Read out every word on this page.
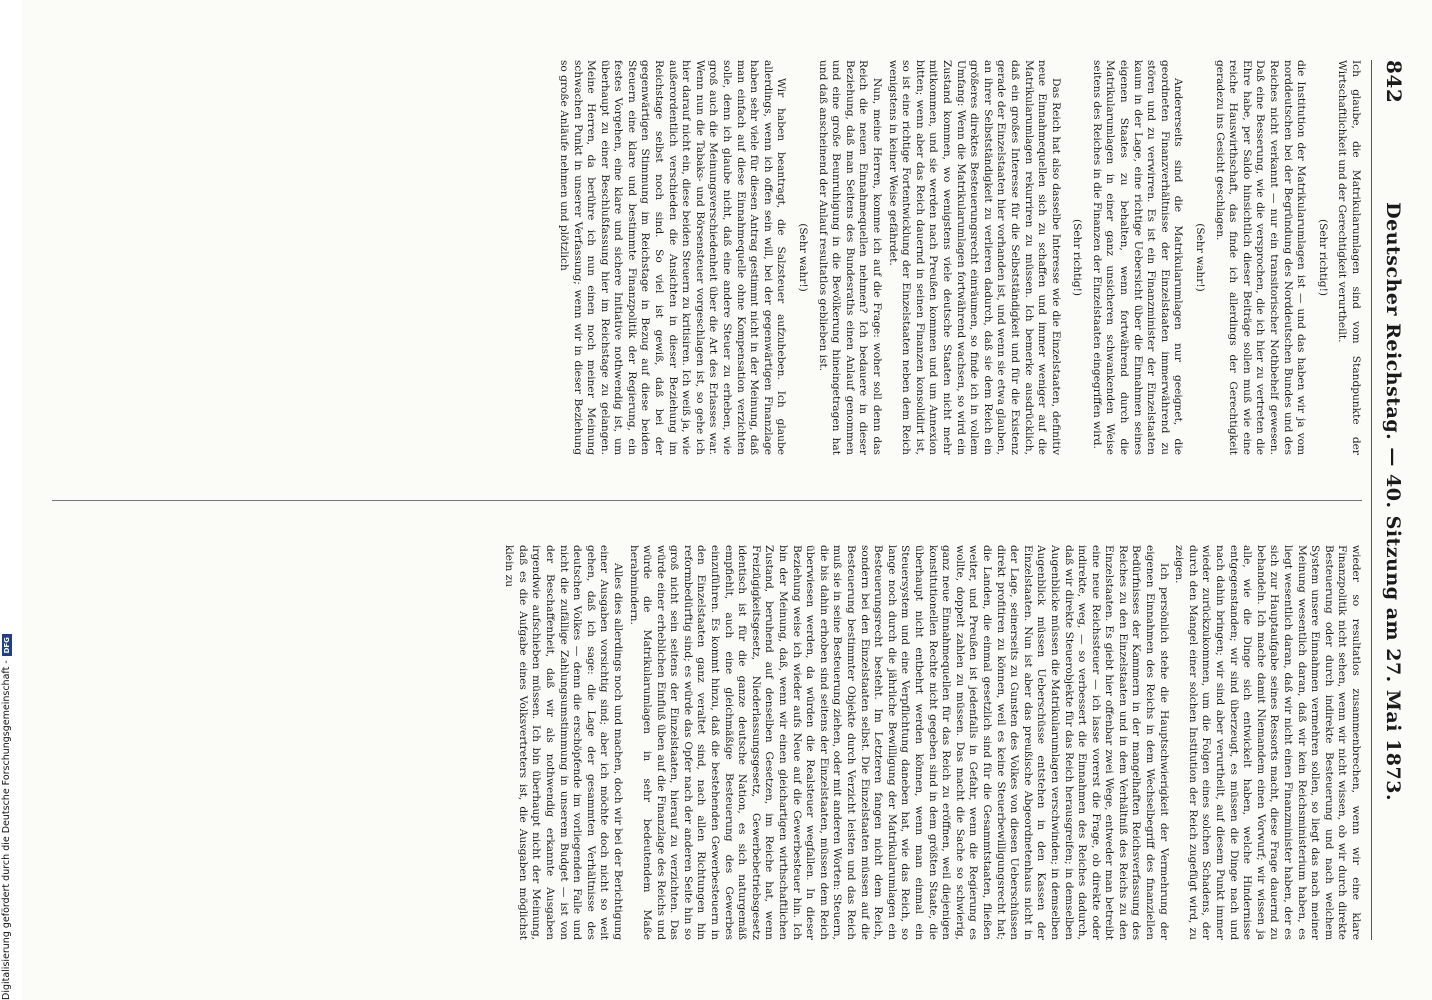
842
Deutscher Reichstag. — 40. Sitzung am 27. Mai 1873.

Ich glaube, die Matrikularumlagen sind vom Standpunkte der Wirtschaftlichkeit und der Gerechtigkeit verurtheilt.

(Sehr richtig!)

die Institution der Matrikularumlagen ist — und das haben wir ja vom norddeutschen bei der Begründung des Norddeutschen Bundes und des Reiches nicht verkannt — nur ein transitorischer Nothbehelf gewesen. Daß eine Besserung, wie die versprochen, die ich hier zu vertreten die Ehre habe, per Saldo hinsichtlich dieser Beiträge sollen muß wie eine reiche Hauswirthschaft, das finde ich allerdings der Gerechtigkeit geradezu ins Gesicht geschlagen.

(Sehr wahr!)

Andererseits sind die Matrikularumlagen nur geeignet, die geordneten Finanzverhältnisse der Einzelstaaten immerwährend zu stören und zu verwirren. Es ist ein Finanzminister der Einzelstaaten kaum in der Lage, eine richtige Uebersicht über die Einnahmen seines eigenen Staates zu behalten, wenn fortwährend durch die Matrikularumlagen in einer ganz unsicheren schwankenden Weise seitens des Reiches in die Finanzen der Einzelstaaten eingegriffen wird.

(Sehr richtig!)

Das Reich hat also dasselbe Interesse wie die Einzelstaaten, definitiv neue Einnahmequellen sich zu schaffen und immer weniger auf die Matrikularumlagen rekurriren zu müssen. Ich bemerke ausdrücklich, daß ein großes Interesse für die Selbstständigkeit und für die Existenz gerade der Einzelstaaten hier vorhanden ist, und wenn sie etwa glauben, an ihrer Selbstständigkeit zu verlieren dadurch, daß sie dem Reich ein größeres direktes Besteuerungsrecht einräumen, so finde ich in vollem Umfang: Wenn die Matrikularumlagen fortwährend wachsen, so wird ein Zustand kommen, wo wenigstens viele deutsche Staaten nicht mehr mitkommen, und sie werden nach Preußen kommen und um Annexion bitten; wenn aber das Reich dauernd in seinen Finanzen konsolidirt ist, so ist eine richtige Fortentwicklung der Einzelstaaten neben dem Reich wenigstens in keiner Weise gefährdet.

Nun, meine Herren, komme ich auf die Frage: woher soll denn das Reich die neuen Einnahmequellen nehmen? Ich bedauere in dieser Beziehung, daß man Seitens des Bundesraths einen Anlauf genommen und eine große Beunruhigung in die Bevölkerung hineingetragen hat und daß anscheinend der Anlauf resultatlos geblieben ist.

(Sehr wahr!)

Wir haben beantragt, die Salzsteuer aufzuheben. Ich glaube allerdings, wenn ich offen sein will, bei der gegenwärtigen Finanzlage haben sehr viele für diesen Antrag gestimmt nicht in der Meinung, daß man einfach auf diese Einnahmequelle ohne Kompensation verzichten solle, denn ich glaube nicht, daß eine andere Steuer zu erheben, wie groß auch die Meinungsverschiedenheit über die Art des Erlasses war. Wenn nun die Tabaks- und Börsensteuer vorgeschlagen ist, so gehe ich hier darauf nicht ein, diese beiden Steuern zu kritisiren. Ich weiß ja, wie außerordentlich verschieden die Ansichten in dieser Beziehung im Reichstage selbst noch sind. So viel ist gewiß, daß bei der gegenwärtigen Stimmung im Reichstage in Bezug auf diese beiden Steuern eine klare und bestimmte Finanzpolitik der Regierung, ein festes Vorgehen, eine klare und sichere Initiative nothwendig ist, um überhaupt zu einer Beschlußfassung hier im Reichstage zu gelangen. Meine Herren, da berühre ich nun einen noch meiner Meinung schwachen Punkt in unserer Verfassung; wenn wir in dieser Beziehung so große Anläufe nehmen und plötzlich

wieder so resultatlos zusammenbrechen, wenn wir eine klare Finanzpolitik nicht sehen, wenn wir nicht wissen, ob wir durch direkte Besteuerung oder durch indirekte Besteuerung und nach welchem System unsere Einnahmen vermehren sollen, so liegt das nach meiner Meinung wesentlich daran, daß wir kein Reichsministerium haben, es liegt wesentlich daran, daß wir nicht einen Finanzminister haben, der es sich zur Hauptaufgabe seines Ressorts macht, diese Frage dauernd zu behandeln. Ich mache damit Niemandem einen Vorwurf; wir wissen ja alle, wie die Dinge sich entwickelt haben, welche Hindernisse entgegenstanden; wir sind überzeugt, es müssen die Dinge nach und nach dahin bringen; wir sind aber verurtheilt, auf diesem Punkt immer wieder zurückzukommen, um die Folgen eines solchen Schadens, der durch den Mangel einer solchen Institution der Reich zugefügt wird, zu zeigen.

Ich persönlich stehe die Hauptschwierigkeit der Vermehrung der eigenen Einnahmen des Reichs in dem Wechselbegriff des finanziellen Bedürfnisses der Kammern in der mangelhaften Reichsverfassung des Reiches zu den Einzelstaaten und in dem Verhältniß des Reichs zu den Einzelstaaten. Es giebt hier offenbar zwei Wege, entweder man betreibt eine neue Reichssteuer — ich lasse vorerst die Frage, ob direkte oder indirekte, weg, — so verbessert die Einnahmen des Reiches dadurch, daß wir direkte Steuerobjekte für das Reich herausgreifen; in demselben Augenblicke müssen die Matrikularumlagen verschwinden; in demselben Augenblick müssen Ueberschüsse entstehen in den Kassen der Einzelstaaten. Nun ist aber das preußische Abgeordnetenhaus nicht in der Lage, seinerseits zu Gunsten des Volkes von diesen Ueberschüssen direkt profitiren zu können, weil es keine Steuerbewilligungsrecht hat; die Landen, die einmal gesetzlich sind für die Gesammtstaaten, fließen weiter, und Preußen ist jedenfalls in Gefahr, wenn die Regierung es wollte, doppelt zahlen zu müssen. Das macht die Sache so schwierig, ganz neue Einnahmequellen für das Reich zu eröffnen, weil diejenigen konstitutionellen Rechte nicht gegeben sind in dem größten Staate, die überhaupt nicht entbehrt werden können, wenn man einmal ein Steuersystem und eine Verpflichtung daneben hat, wie das Reich, so lange noch durch die jährliche Bewilligung der Matrikularumlagen ein Besteuerungsrecht besteht. Im Letzteren fangen nicht dem Reich, sondern bei den Einzelstaaten selbst. Die Einzelstaaten müssen auf die Besteuerung bestimmter Objekte durch Verzicht leisten und das Reich muß sie in seine Besteuerung ziehen, oder mit anderen Worten: Steuern, die bis dahin erhoben sind seitens der Einzelstaaten, müssen dem Reich überwiesen werden, da würden die Realsteuer wegfallen. In dieser Beziehung weise ich wieder aufs Neue auf die Gewerbesteuer hin. Ich bin der Meinung, daß, wenn wir einen gleichartigen wirthschaftlichen Zustand, beruhend auf denselben Gesetzen, im Reiche hat, wenn Freizügigkeitsgesetz, Niederlassungsgesetz, Gewerbebetriebsgesetz identisch ist für die ganze deutsche Nation, es sich naturgemäß empfiehlt, auch eine gleichmäßige Besteuerung des Gewerbes einzuführen. Es kommt hinzu, daß die bestehenden Gewerbesteuern in den Einzelstaaten ganz veraltet sind, nach allen Richtungen hin reformbedürftig sind; es würde das Opfer nach der anderen Seite hin so groß nicht sein seitens der Einzelstaaten, hierauf zu verzichten. Das würde einer erheblichen Einfluß üben auf die Finanzlage des Reichs und würde die Matrikularumlagen in sehr bedeutendem Maße herabmindern.

Alles dies allerdings noch und machen, doch wir bei der Berichtigung einer Ausgaben vorsichtig sind; aber ich möchte doch nicht so weit gehen, daß ich sage: die Lage der gesammten Verhältnisse des deutschen Volkes — denn die erschöpfende im vorliegenden Falle und nicht die zufällige Zahlungsumstimmung in unserem Budget — ist von der Beschaffenheit, daß wir als nothwendig erkannte Ausgaben irgendwie aufschieben müssen. Ich bin überhaupt nicht der Meinung, daß es die Aufgabe eines Volksvertreters ist, die Ausgaben möglichst klein zu

Digitalisierung gefördert durch die Deutsche Forschungsgemeinschaft -
DFG
